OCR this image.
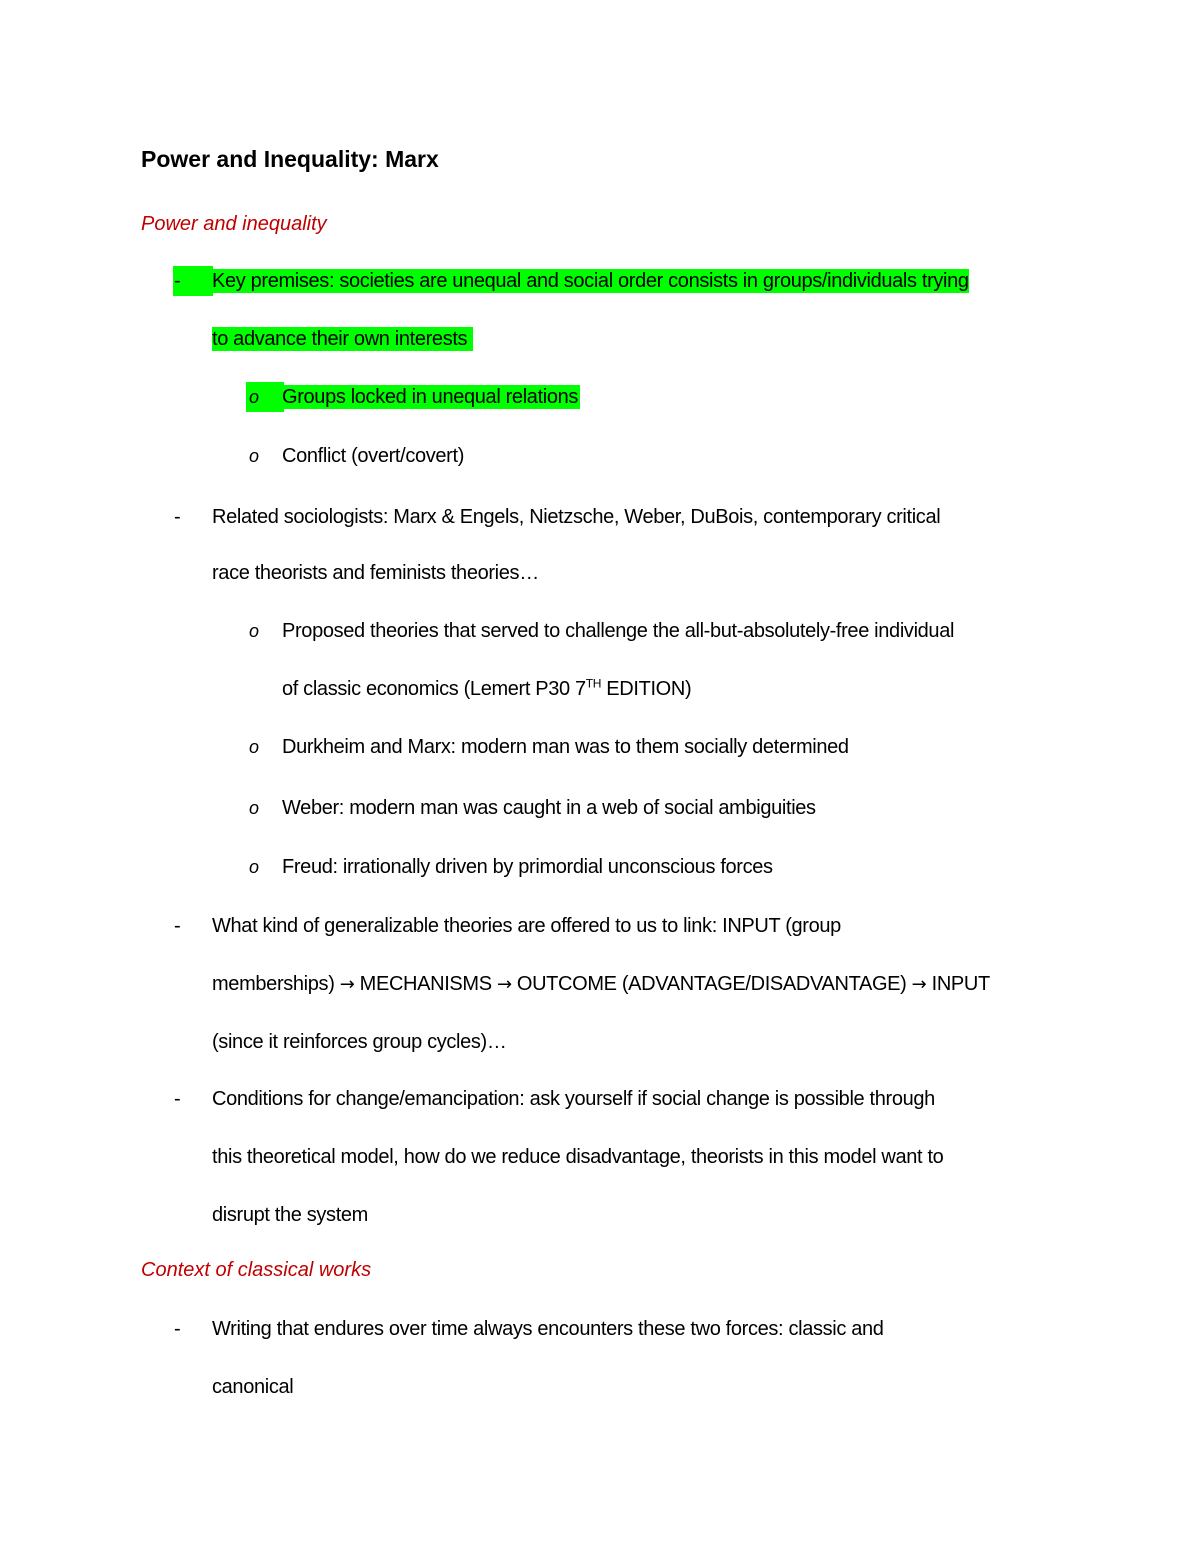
Power and Inequality: Marx
Power and inequality
- Key premises: societies are unequal and social order consists in groups/individuals trying
to advance their own interests
o Groups locked in unequal relations
o Conflict (overt/covert)
- Related sociologists: Marx & Engels, Nietzsche, Weber, DuBois, contemporary critical
race theorists and feminists theories…
o Proposed theories that served to challenge the all-but-absolutely-free individual
of classic economics (Lemert P30 7TH EDITION)
o Durkheim and Marx: modern man was to them socially determined
o Weber: modern man was caught in a web of social ambiguities
o Freud: irrationally driven by primordial unconscious forces
- What kind of generalizable theories are offered to us to link: INPUT (group
memberships) → MECHANISMS → OUTCOME (ADVANTAGE/DISADVANTAGE) → INPUT
(since it reinforces group cycles)…
- Conditions for change/emancipation: ask yourself if social change is possible through
this theoretical model, how do we reduce disadvantage, theorists in this model want to
disrupt the system
Context of classical works
- Writing that endures over time always encounters these two forces: classic and
canonical
